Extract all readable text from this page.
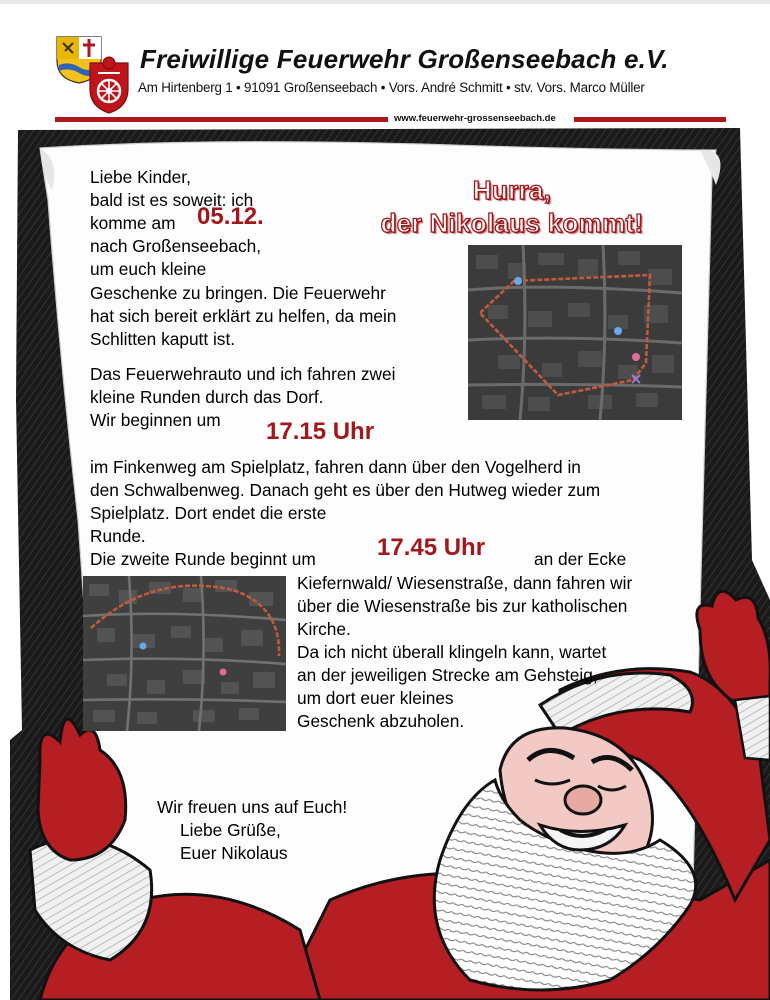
Freiwillige Feuerwehr Großenseebach e.V.
Am Hirtenberg 1 • 91091 Großenseebach • Vors. André Schmitt • stv. Vors. Marco Müller
www.feuerwehr-grossenseebach.de
Hurra,
der Nikolaus kommt!
Liebe Kinder,
bald ist es soweit: ich
komme am 05.12.
nach Großenseebach,
um euch kleine
Geschenke zu bringen. Die Feuerwehr
hat sich bereit erklärt zu helfen, da mein
Schlitten kaputt ist.
Das Feuerwehrauto und ich fahren zwei
kleine Runden durch das Dorf.
Wir beginnen um 17.15 Uhr
im Finkenweg am Spielplatz, fahren dann über den Vogelherd in
den Schwalbenweg. Danach geht es über den Hutweg wieder zum
Spielplatz. Dort endet die erste
Runde.
Die zweite Runde beginnt um	17.45 Uhr	an der Ecke
Kiefernwald/ Wiesenstraße, dann fahren wir
über die Wiesenstraße bis zur katholischen
Kirche.
Da ich nicht überall klingeln kann, wartet
an der jeweiligen Strecke am Gehsteig,
um dort euer kleines
Geschenk abzuholen.
Wir freuen uns auf Euch!
Liebe Grüße,
Euer Nikolaus
